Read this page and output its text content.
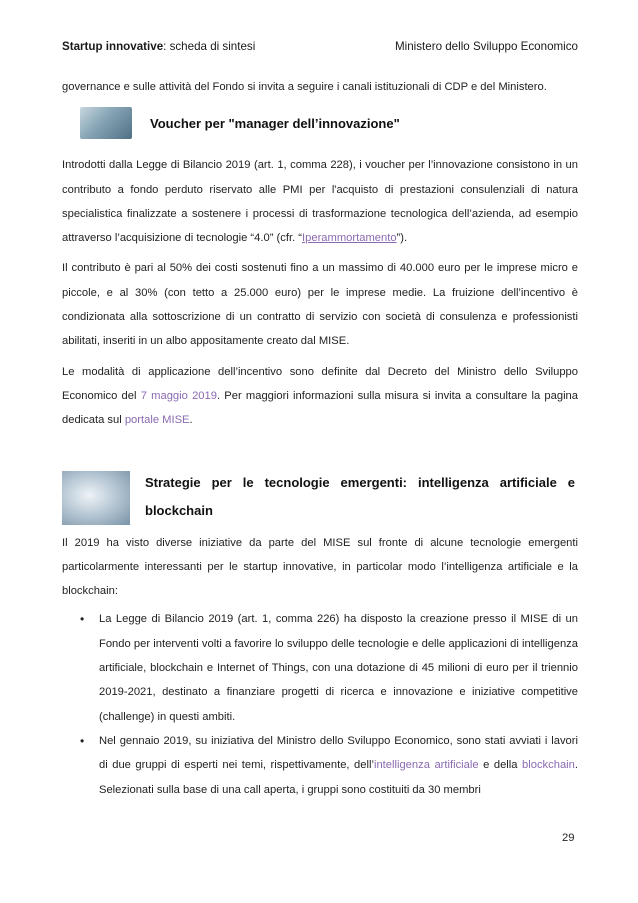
Startup innovative: scheda di sintesi	Ministero dello Sviluppo Economico

governance e sulle attività del Fondo si invita a seguire i canali istituzionali di CDP e del Ministero.

Voucher per "manager dell’innovazione"

Introdotti dalla Legge di Bilancio 2019 (art. 1, comma 228), i voucher per l’innovazione consistono in un contributo a fondo perduto riservato alle PMI per l'acquisto di prestazioni consulenziali di natura specialistica finalizzate a sostenere i processi di trasformazione tecnologica dell’azienda, ad esempio attraverso l’acquisizione di tecnologie “4.0” (cfr. “Iperammortamento”).

Il contributo è pari al 50% dei costi sostenuti fino a un massimo di 40.000 euro per le imprese micro e piccole, e al 30% (con tetto a 25.000 euro) per le imprese medie. La fruizione dell’incentivo è condizionata alla sottoscrizione di un contratto di servizio con società di consulenza e professionisti abilitati, inseriti in un albo appositamente creato dal MISE.

Le modalità di applicazione dell’incentivo sono definite dal Decreto del Ministro dello Sviluppo Economico del 7 maggio 2019. Per maggiori informazioni sulla misura si invita a consultare la pagina dedicata sul portale MISE.

Strategie per le tecnologie emergenti: intelligenza artificiale e blockchain

Il 2019 ha visto diverse iniziative da parte del MISE sul fronte di alcune tecnologie emergenti particolarmente interessanti per le startup innovative, in particolar modo l’intelligenza artificiale e la blockchain:

• La Legge di Bilancio 2019 (art. 1, comma 226) ha disposto la creazione presso il MISE di un Fondo per interventi volti a favorire lo sviluppo delle tecnologie e delle applicazioni di intelligenza artificiale, blockchain e Internet of Things, con una dotazione di 45 milioni di euro per il triennio 2019-2021, destinato a finanziare progetti di ricerca e innovazione e iniziative competitive (challenge) in questi ambiti.

• Nel gennaio 2019, su iniziativa del Ministro dello Sviluppo Economico, sono stati avviati i lavori di due gruppi di esperti nei temi, rispettivamente, dell’intelligenza artificiale e della blockchain. Selezionati sulla base di una call aperta, i gruppi sono costituiti da 30 membri

29
